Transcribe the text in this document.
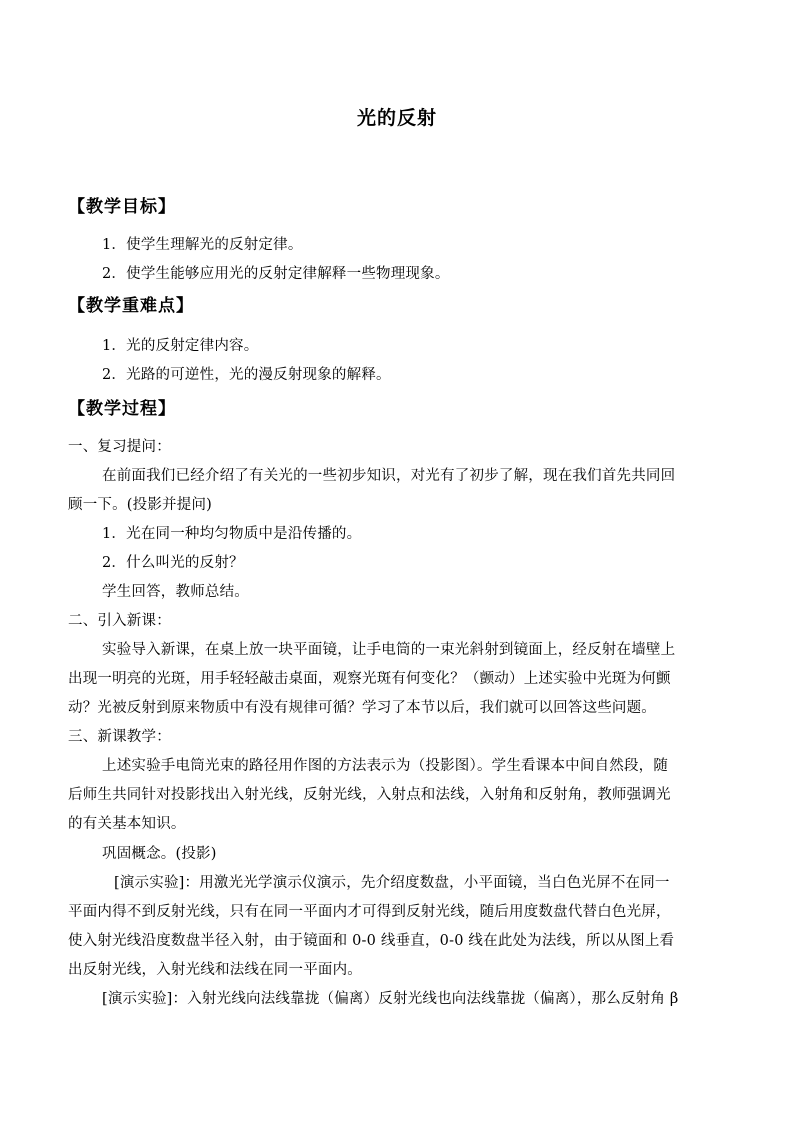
光的反射
【教学目标】
1．使学生理解光的反射定律。
2．使学生能够应用光的反射定律解释一些物理现象。
【教学重难点】
1．光的反射定律内容。
2．光路的可逆性，光的漫反射现象的解释。
【教学过程】
一、复习提问：
在前面我们已经介绍了有关光的一些初步知识，对光有了初步了解，现在我们首先共同回
顾一下。(投影并提问)
1．光在同一种均匀物质中是沿传播的。
2．什么叫光的反射？
学生回答，教师总结。
二、引入新课：
实验导入新课，在桌上放一块平面镜，让手电筒的一束光斜射到镜面上，经反射在墙壁上
出现一明亮的光斑，用手轻轻敲击桌面，观察光斑有何变化？（颤动）上述实验中光斑为何颤
动？光被反射到原来物质中有没有规律可循？学习了本节以后，我们就可以回答这些问题。
三、新课教学：
上述实验手电筒光束的路径用作图的方法表示为（投影图）。学生看课本中间自然段，随
后师生共同针对投影找出入射光线，反射光线，入射点和法线，入射角和反射角，教师强调光
的有关基本知识。
巩固概念。(投影)
[演示实验]：用激光光学演示仪演示，先介绍度数盘，小平面镜，当白色光屏不在同一
平面内得不到反射光线，只有在同一平面内才可得到反射光线，随后用度数盘代替白色光屏，
使入射光线沿度数盘半径入射，由于镜面和 0-0 线垂直，0-0 线在此处为法线，所以从图上看
出反射光线，入射光线和法线在同一平面内。
[演示实验]：入射光线向法线靠拢（偏离）反射光线也向法线靠拢（偏离），那么反射角 β
